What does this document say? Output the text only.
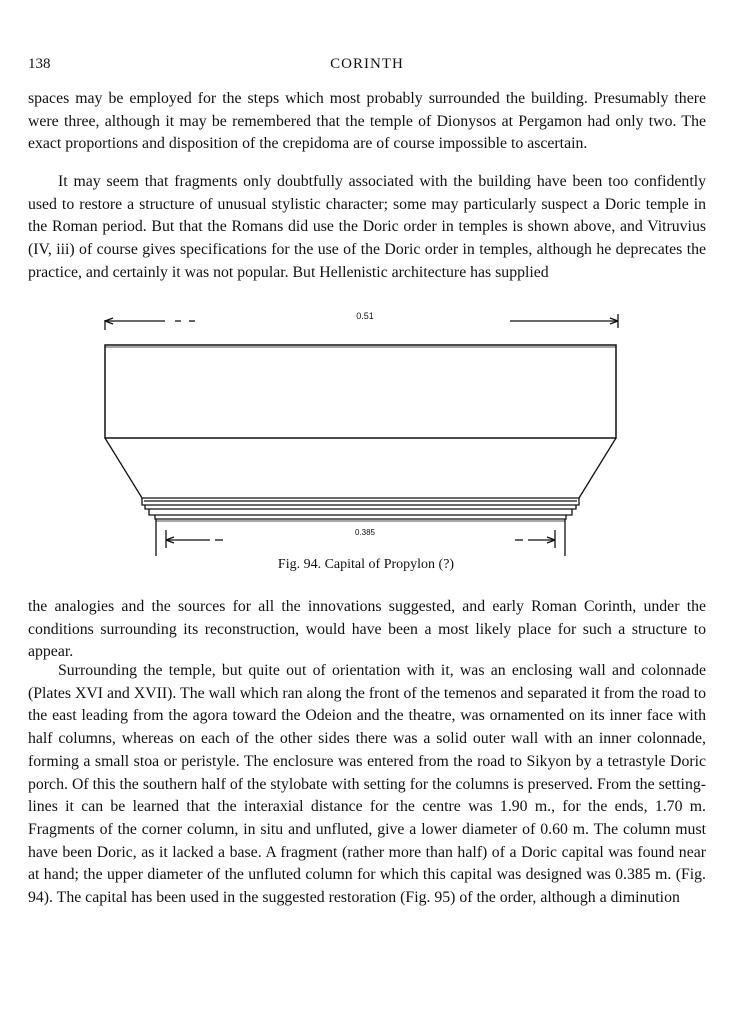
138	CORINTH

spaces may be employed for the steps which most probably surrounded the building. Presumably there were three, although it may be remembered that the temple of Dionysos at Pergamon had only two. The exact proportions and disposition of the crepidoma are of course impossible to ascertain.

It may seem that fragments only doubtfully associated with the building have been too confidently used to restore a structure of unusual stylistic character; some may particularly suspect a Doric temple in the Roman period. But that the Romans did use the Doric order in temples is shown above, and Vitruvius (IV, iii) of course gives specifications for the use of the Doric order in temples, although he deprecates the practice, and certainly it was not popular. But Hellenistic architecture has supplied

0.51
0.385
Fig. 94. Capital of Propylon (?)

the analogies and the sources for all the innovations suggested, and early Roman Corinth, under the conditions surrounding its reconstruction, would have been a most likely place for such a structure to appear.

Surrounding the temple, but quite out of orientation with it, was an enclosing wall and colonnade (Plates XVI and XVII). The wall which ran along the front of the temenos and separated it from the road to the east leading from the agora toward the Odeion and the theatre, was ornamented on its inner face with half columns, whereas on each of the other sides there was a solid outer wall with an inner colonnade, forming a small stoa or peristyle. The enclosure was entered from the road to Sikyon by a tetrastyle Doric porch. Of this the southern half of the stylobate with setting for the columns is preserved. From the setting-lines it can be learned that the interaxial distance for the centre was 1.90 m., for the ends, 1.70 m. Fragments of the corner column, in situ and unfluted, give a lower diameter of 0.60 m. The column must have been Doric, as it lacked a base. A fragment (rather more than half) of a Doric capital was found near at hand; the upper diameter of the unfluted column for which this capital was designed was 0.385 m. (Fig. 94). The capital has been used in the suggested restoration (Fig. 95) of the order, although a diminution
